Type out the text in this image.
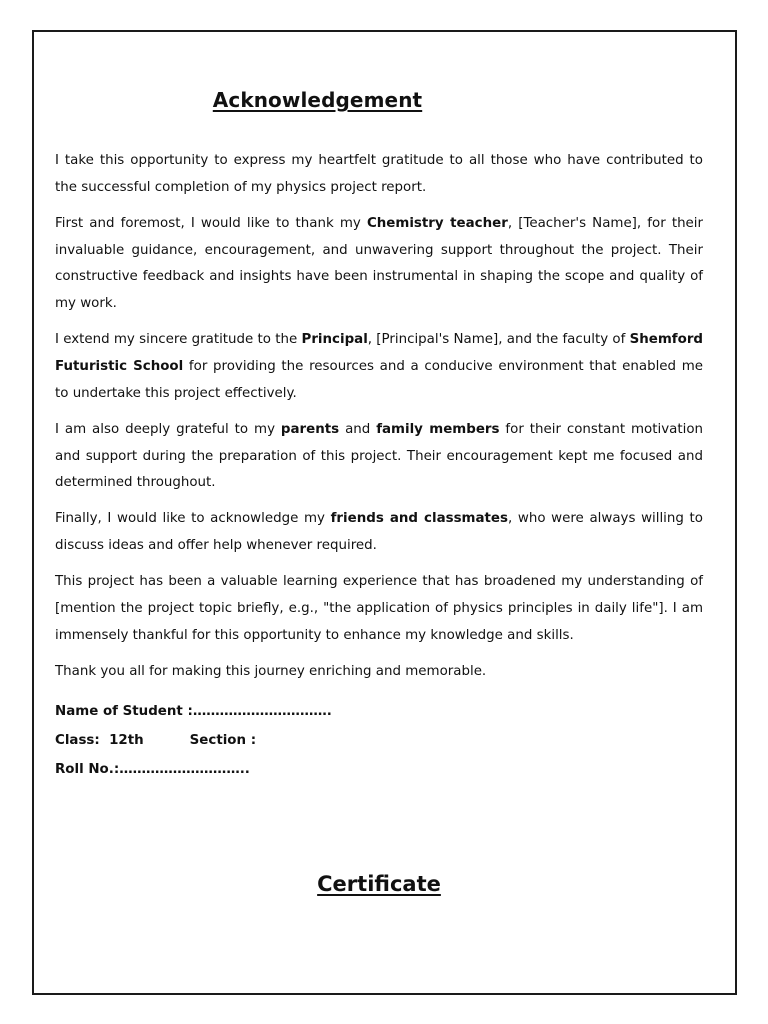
Acknowledgement

I take this opportunity to express my heartfelt gratitude to all those who have contributed to the successful completion of my physics project report.

First and foremost, I would like to thank my Chemistry teacher, [Teacher's Name], for their invaluable guidance, encouragement, and unwavering support throughout the project. Their constructive feedback and insights have been instrumental in shaping the scope and quality of my work.

I extend my sincere gratitude to the Principal, [Principal's Name], and the faculty of Shemford Futuristic School for providing the resources and a conducive environment that enabled me to undertake this project effectively.

I am also deeply grateful to my parents and family members for their constant motivation and support during the preparation of this project. Their encouragement kept me focused and determined throughout.

Finally, I would like to acknowledge my friends and classmates, who were always willing to discuss ideas and offer help whenever required.

This project has been a valuable learning experience that has broadened my understanding of [mention the project topic briefly, e.g., "the application of physics principles in daily life"]. I am immensely thankful for this opportunity to enhance my knowledge and skills.

Thank you all for making this journey enriching and memorable.

Name of Student :………………………….
Class:  12th	Section :
Roll No.:………………………..
Certificate
